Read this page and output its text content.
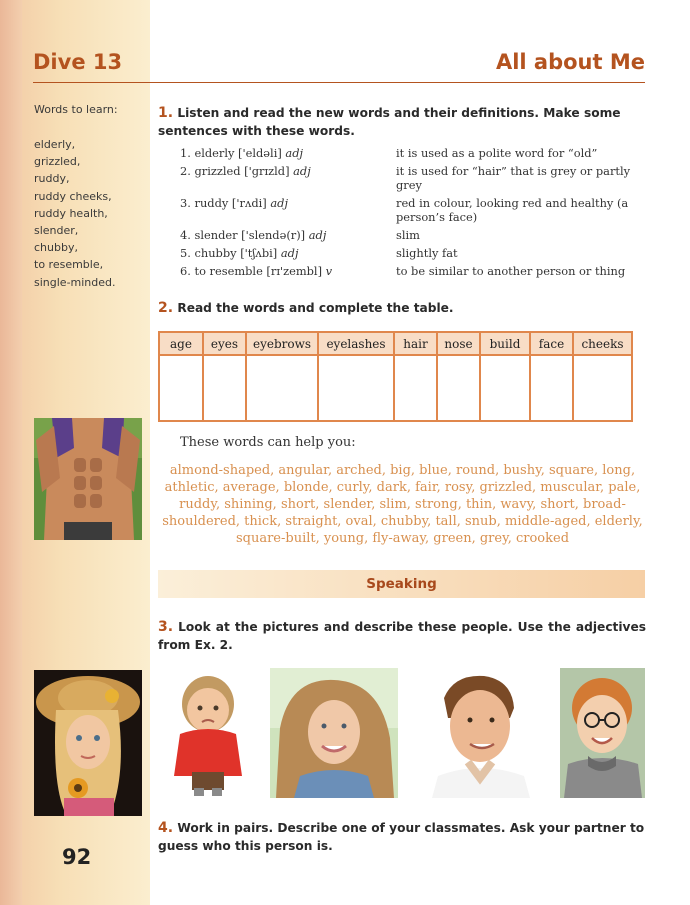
Dive 13	All about Me
Words to learn:
elderly,
grizzled,
ruddy,
ruddy cheeks,
ruddy health,
slender,
chubby,
to resemble,
single-minded.
92
1. Listen and read the new words and their definitions. Make some sentences with these words.
1. elderly ['eldəli] adj	it is used as a polite word for “old”
2. grizzled ['grɪzld] adj	it is used for “hair” that is grey or partly grey
3. ruddy ['rʌdi] adj	red in colour, looking red and healthy (a person’s face)
4. slender ['slendə(r)] adj	slim
5. chubby ['tʃʌbi] adj	slightly fat
6. to resemble [rɪ'zembl] v	to be similar to another person or thing
2. Read the words and complete the table.
age	eyes	eyebrows	eyelashes	hair	nose	build	face	cheeks

These words can help you:
almond-shaped, angular, arched, big, blue, round, bushy, square, long, athletic, average, blonde, curly, dark, fair, rosy, grizzled, muscular, pale, ruddy, shining, short, slender, slim, strong, thin, wavy, short, broad-shouldered, thick, straight, oval, chubby, tall, snub, middle-aged, elderly, square-built, young, fly-away, green, grey, crooked
Speaking
3. Look at the pictures and describe these people. Use the adjectives from Ex. 2.
4. Work in pairs. Describe one of your classmates. Ask your partner to guess who this person is.
